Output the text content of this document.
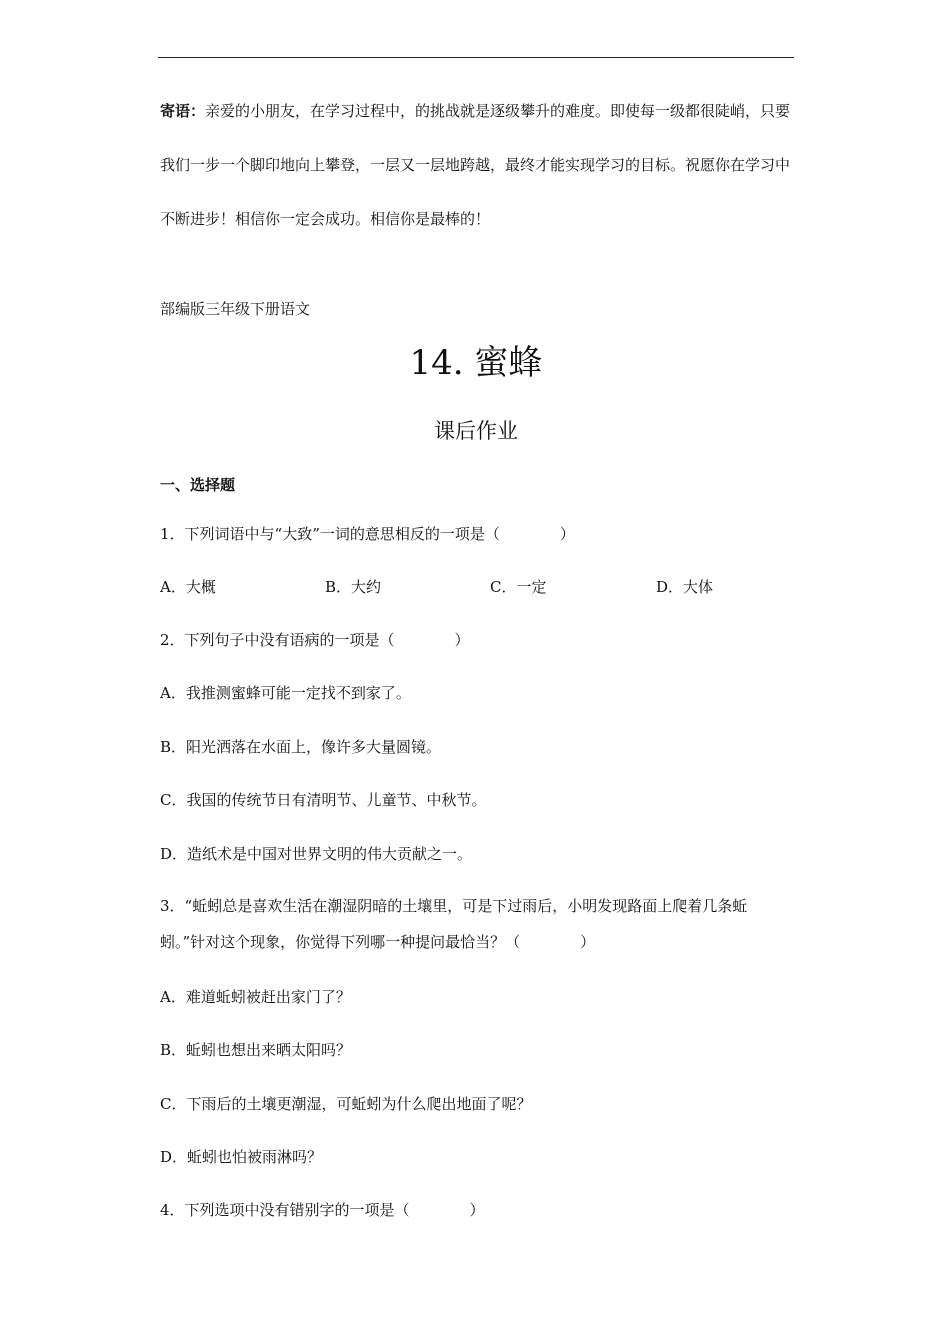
寄语：亲爱的小朋友，在学习过程中，的挑战就是逐级攀升的难度。即使每一级都很陡峭，只要我们一步一个脚印地向上攀登，一层又一层地跨越，最终才能实现学习的目标。祝愿你在学习中不断进步！相信你一定会成功。相信你是最棒的！
部编版三年级下册语文
14. 蜜蜂
课后作业
一、选择题
1．下列词语中与“大致”一词的意思相反的一项是（　　　　）
A．大概	B．大约	C．一定	D．大体
2．下列句子中没有语病的一项是（　　　　）
A．我推测蜜蜂可能一定找不到家了。
B．阳光洒落在水面上，像许多大量圆镜。
C．我国的传统节日有清明节、儿童节、中秋节。
D．造纸术是中国对世界文明的伟大贡献之一。
3．“蚯蚓总是喜欢生活在潮湿阴暗的土壤里，可是下过雨后，小明发现路面上爬着几条蚯蚓。”针对这个现象，你觉得下列哪一种提问最恰当？（　　　　）
A．难道蚯蚓被赶出家门了？
B．蚯蚓也想出来晒太阳吗？
C．下雨后的土壤更潮湿，可蚯蚓为什么爬出地面了呢？
D．蚯蚓也怕被雨淋吗？
4．下列选项中没有错别字的一项是（　　　　）
